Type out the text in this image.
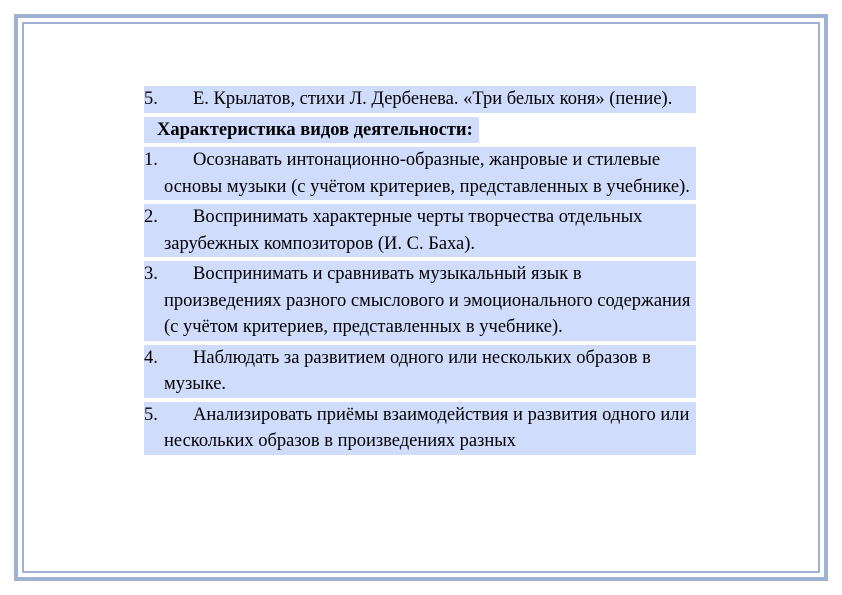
5. Е. Крылатов, стихи Л. Дербенева. «Три белых коня» (пение).
Характеристика видов деятельности:
1. Осознавать интонационно-образные, жанровые и стилевые основы музыки (с учётом критериев, представленных в учебнике).
2. Воспринимать характерные черты творчества отдельных зарубежных композиторов (И. С. Баха).
3. Воспринимать и сравнивать музыкальный язык в произведениях разного смыслового и эмоционального содержания (с учётом критериев, представленных в учебнике).
4. Наблюдать за развитием одного или нескольких образов в музыке.
5. Анализировать приёмы взаимодействия и развития одного или нескольких образов в произведениях разных
